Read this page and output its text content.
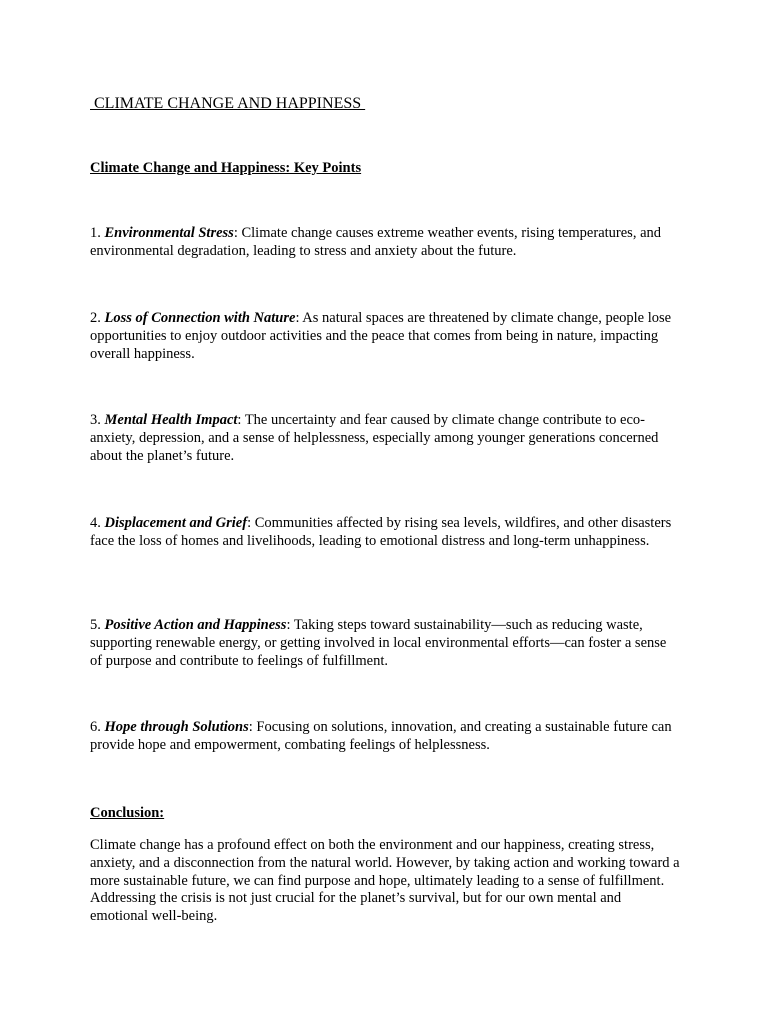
CLIMATE CHANGE AND HAPPINESS
Climate Change and Happiness: Key Points

1. Environmental Stress: Climate change causes extreme weather events, rising temperatures, and environmental degradation, leading to stress and anxiety about the future.

2. Loss of Connection with Nature: As natural spaces are threatened by climate change, people lose opportunities to enjoy outdoor activities and the peace that comes from being in nature, impacting overall happiness.

3. Mental Health Impact: The uncertainty and fear caused by climate change contribute to eco-anxiety, depression, and a sense of helplessness, especially among younger generations concerned about the planet’s future.

4. Displacement and Grief: Communities affected by rising sea levels, wildfires, and other disasters face the loss of homes and livelihoods, leading to emotional distress and long-term unhappiness.

5. Positive Action and Happiness: Taking steps toward sustainability—such as reducing waste, supporting renewable energy, or getting involved in local environmental efforts—can foster a sense of purpose and contribute to feelings of fulfillment.

6. Hope through Solutions: Focusing on solutions, innovation, and creating a sustainable future can provide hope and empowerment, combating feelings of helplessness.

Conclusion:

Climate change has a profound effect on both the environment and our happiness, creating stress, anxiety, and a disconnection from the natural world. However, by taking action and working toward a more sustainable future, we can find purpose and hope, ultimately leading to a sense of fulfillment. Addressing the crisis is not just crucial for the planet’s survival, but for our own mental and emotional well-being.
